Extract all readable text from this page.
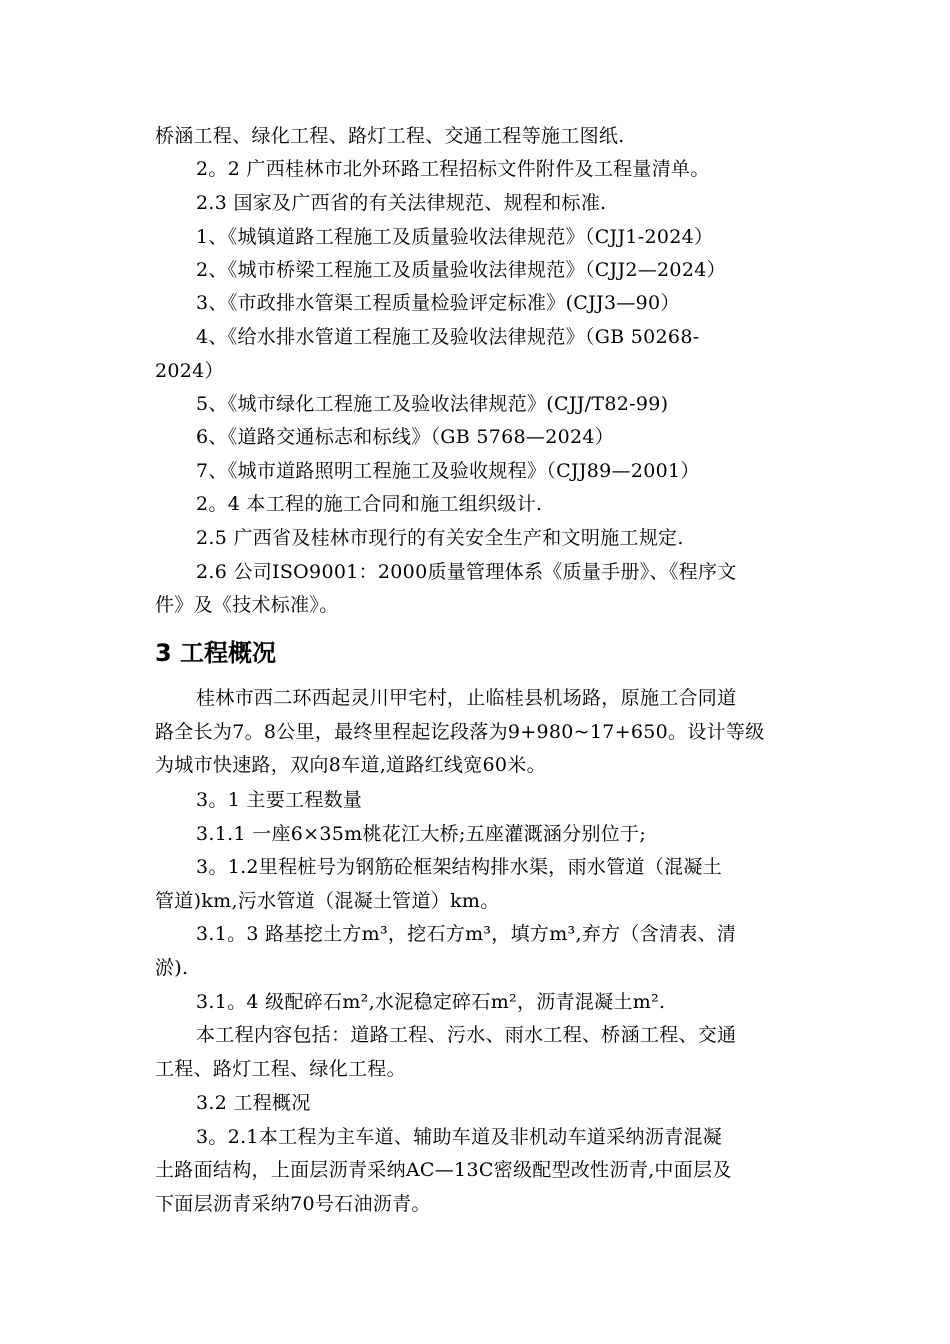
桥涵工程、绿化工程、路灯工程、交通工程等施工图纸.
2。2 广西桂林市北外环路工程招标文件附件及工程量清单。
2.3 国家及广西省的有关法律规范、规程和标准.
1、《城镇道路工程施工及质量验收法律规范》（CJJ1-2024）
2、《城市桥梁工程施工及质量验收法律规范》（CJJ2—2024）
3、《市政排水管渠工程质量检验评定标准》(CJJ3—90）
4、《给水排水管道工程施工及验收法律规范》（GB 50268-
2024）
5、《城市绿化工程施工及验收法律规范》(CJJ/T82-99)
6、《道路交通标志和标线》（GB 5768—2024）
7、《城市道路照明工程施工及验收规程》（CJJ89—2001）
2。4 本工程的施工合同和施工组织级计.
2.5 广西省及桂林市现行的有关安全生产和文明施工规定.
2.6 公司ISO9001：2000质量管理体系《质量手册》、《程序文
件》及《技术标准》。
3 工程概况
桂林市西二环西起灵川甲宅村，止临桂县机场路，原施工合同道
路全长为7。8公里，最终里程起讫段落为9+980~17+650。设计等级
为城市快速路，双向8车道,道路红线宽60米。
3。1 主要工程数量
3.1.1 一座6×35m桃花江大桥;五座灌溉涵分别位于;
3。1.2里程桩号为钢筋砼框架结构排水渠，雨水管道（混凝土
管道)km,污水管道（混凝土管道）km。
3.1。3 路基挖土方m³，挖石方m³，填方m³,弃方（含清表、清
淤).
3.1。4 级配碎石m²,水泥稳定碎石m²，沥青混凝土m².
本工程内容包括：道路工程、污水、雨水工程、桥涵工程、交通
工程、路灯工程、绿化工程。
3.2 工程概况
3。2.1本工程为主车道、辅助车道及非机动车道采纳沥青混凝
土路面结构，上面层沥青采纳AC—13C密级配型改性沥青,中面层及
下面层沥青采纳70号石油沥青。
